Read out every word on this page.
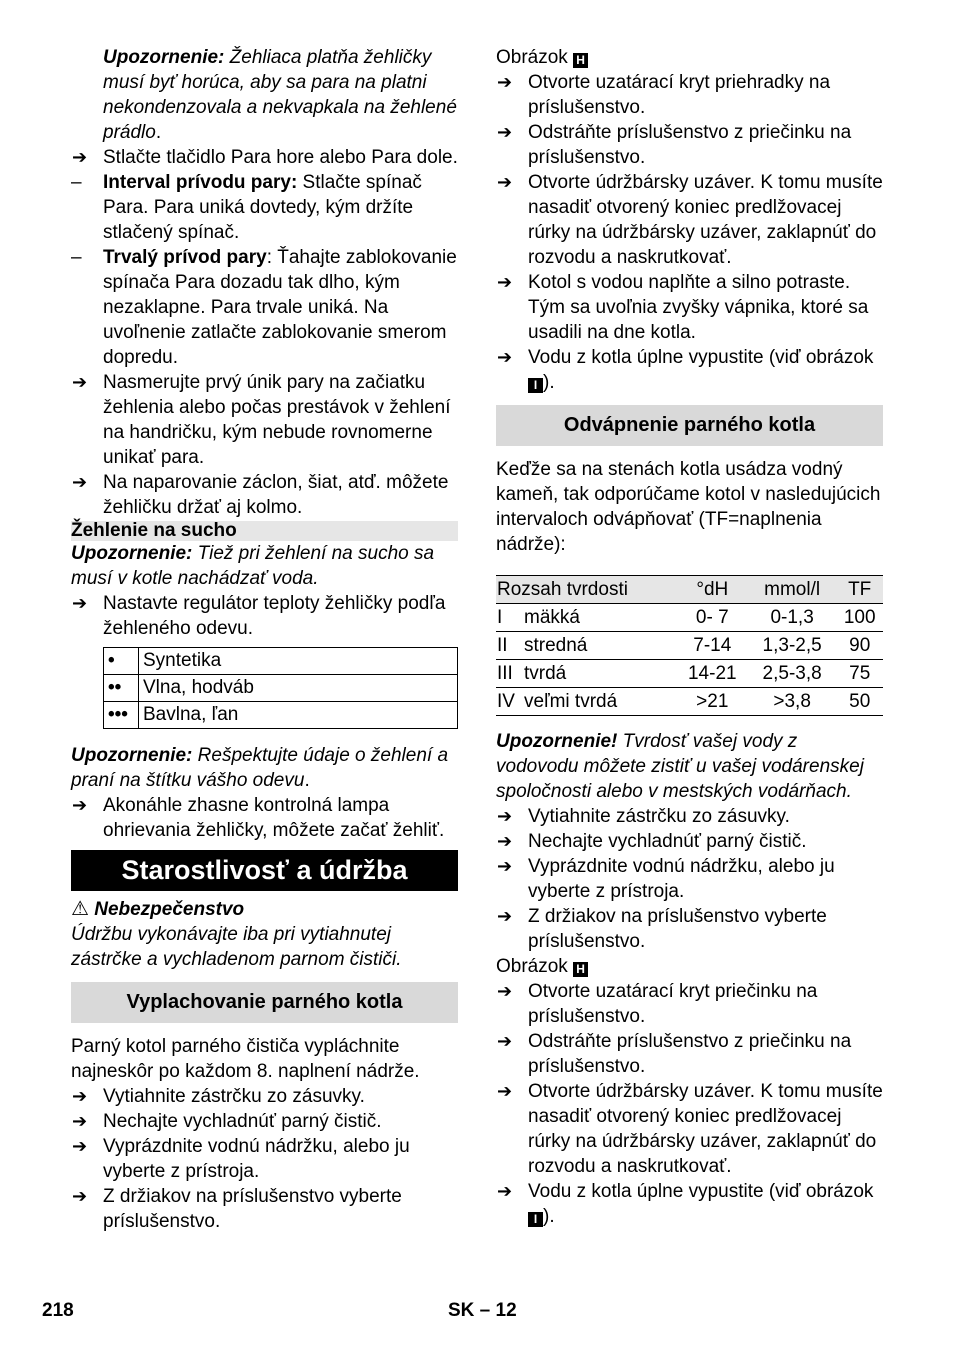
Upozornenie: Žehliaca platňa žehličky musí byť horúca, aby sa para na platni nekondenzovala a nekvapkala na žehlené prádlo.

➔ Stlačte tlačidlo Para hore alebo Para dole.

– Interval prívodu pary: Stlačte spínač Para. Para uniká dovtedy, kým držíte stlačený spínač.

– Trvalý prívod pary: Ťahajte zablokovanie spínača Para dozadu tak dlho, kým nezaklapne. Para trvale uniká. Na uvoľnenie zatlačte zablokovanie smerom dopredu.

➔ Nasmerujte prvý únik pary na začiatku žehlenia alebo počas prestávok v žehlení na handričku, kým nebude rovnomerne unikať para.

➔ Na naparovanie záclon, šiat, atď. môžete žehličku držať aj kolmo.

Žehlenie na sucho

Upozornenie: Tiež pri žehlení na sucho sa musí v kotle nachádzať voda.

➔ Nastavte regulátor teploty žehličky podľa žehleného odevu.

•	Syntetika
••	Vlna, hodváb
•••	Bavlna, ľan

Upozornenie: Rešpektujte údaje o žehlení a praní na štítku vášho odevu.

➔ Akonáhle zhasne kontrolná lampa ohrievania žehličky, môžete začať žehliť.

Starostlivosť a údržba

⚠ Nebezpečenstvo

Údržbu vykonávajte iba pri vytiahnutej zástrčke a vychladenom parnom čističi.

Vyplachovanie parného kotla

Parný kotol parného čističa vypláchnite najneskôr po každom 8. naplnení nádrže.

➔ Vytiahnite zástrčku zo zásuvky.

➔ Nechajte vychladnúť parný čistič.

➔ Vyprázdnite vodnú nádržku, alebo ju vyberte z prístroja.

➔ Z držiakov na príslušenstvo vyberte príslušenstvo.

Obrázok H

➔ Otvorte uzatárací kryt priehradky na príslušenstvo.

➔ Odstráňte príslušenstvo z priečinku na príslušenstvo.

➔ Otvorte údržbársky uzáver. K tomu musíte nasadiť otvorený koniec predlžovacej rúrky na údržbársky uzáver, zaklapnúť do rozvodu a naskrutkovať.

➔ Kotol s vodou naplňte a silno potraste. Tým sa uvoľnia zvyšky vápnika, ktoré sa usadili na dne kotla.

➔ Vodu z kotla úplne vypustite (viď obrázok I ).

Odvápnenie parného kotla

Keďže sa na stenách kotla usádza vodný kameň, tak odporúčame kotol v nasledujúcich intervaloch odvápňovať (TF=naplnenia nádrže):

Rozsah tvrdosti		°dH	mmol/l	TF
I	mäkká	0- 7	0-1,3	100
II	stredná	7-14	1,3-2,5	90
III	tvrdá	14-21	2,5-3,8	75
IV	veľmi tvrdá	>21	>3,8	50

Upozornenie! Tvrdosť vašej vody z vodovodu môžete zistiť u vašej vodárenskej spoločnosti alebo v mestských vodárňach.

➔ Vytiahnite zástrčku zo zásuvky.

➔ Nechajte vychladnúť parný čistič.

➔ Vyprázdnite vodnú nádržku, alebo ju vyberte z prístroja.

➔ Z držiakov na príslušenstvo vyberte príslušenstvo.

Obrázok H

➔ Otvorte uzatárací kryt priečinku na príslušenstvo.

➔ Odstráňte príslušenstvo z priečinku na príslušenstvo.

➔ Otvorte údržbársky uzáver. K tomu musíte nasadiť otvorený koniec predlžovacej rúrky na údržbársky uzáver, zaklapnúť do rozvodu a naskrutkovať.

➔ Vodu z kotla úplne vypustite (viď obrázok I ).

218	SK – 12
